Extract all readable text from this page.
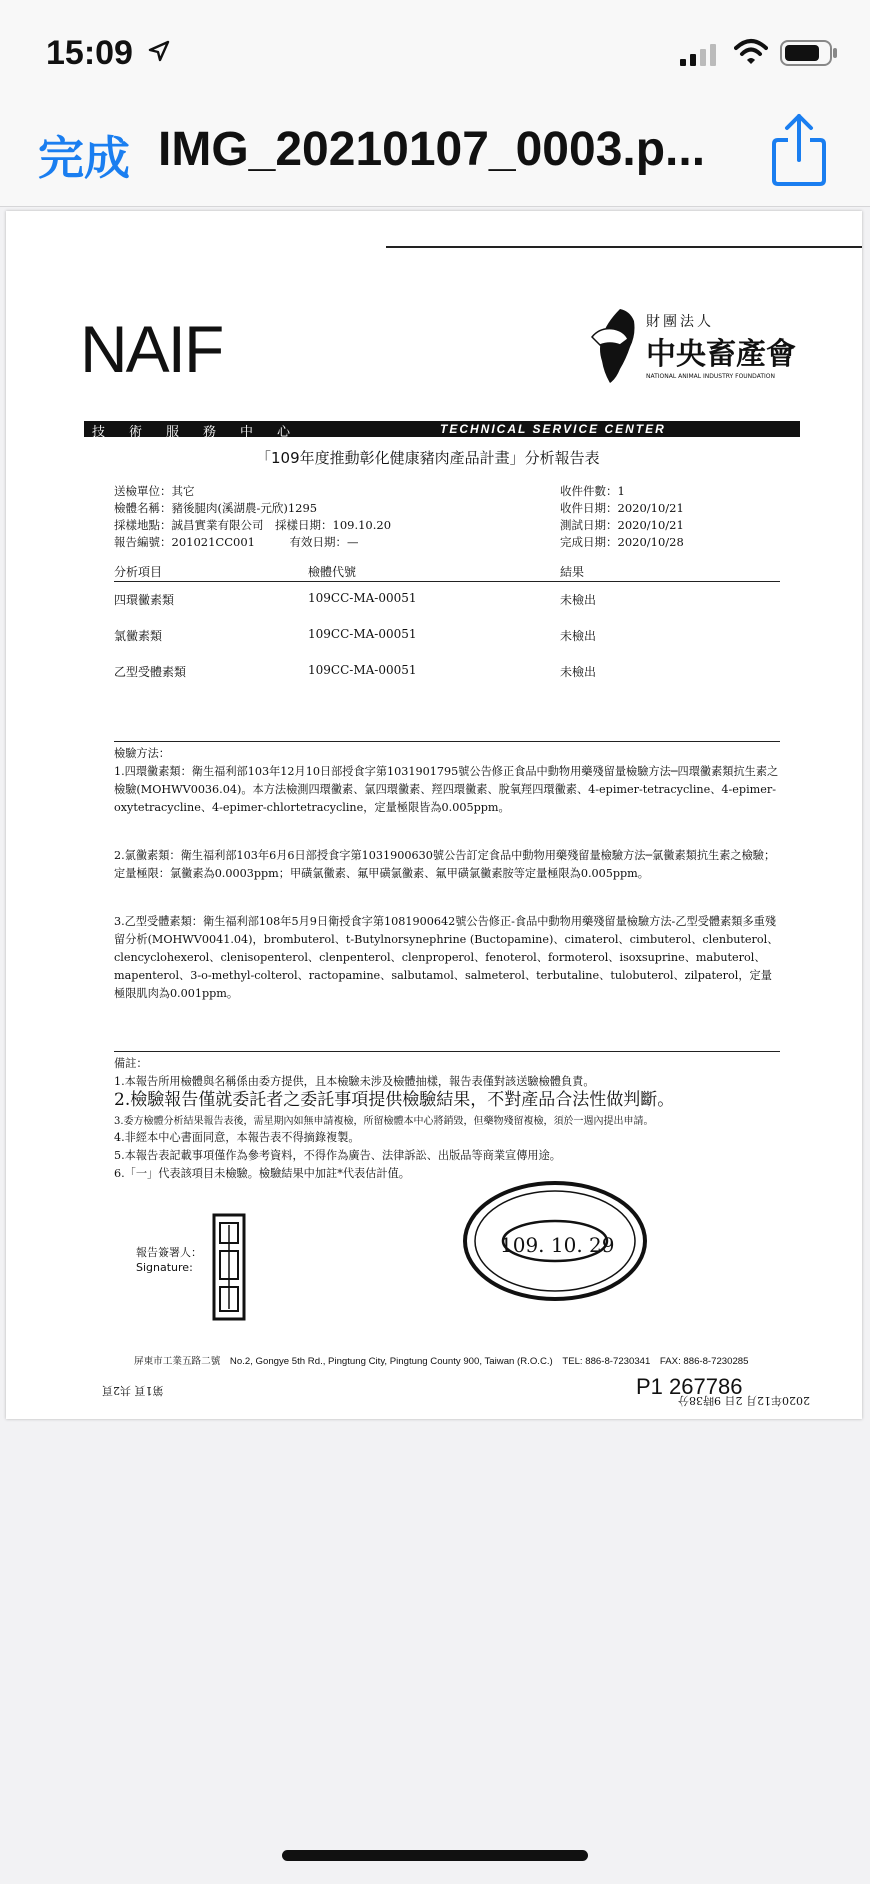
15:09
完成 IMG_20210107_0003.p...
NAIF	財團法人
中央畜產會
NATIONAL ANIMAL INDUSTRY FOUNDATION
技術服務中心	TECHNICAL SERVICE CENTER
「109年度推動彰化健康豬肉產品計畫」分析報告表
送檢單位：其它
檢體名稱：豬後腿肉(溪湖農-元欣)1295
採樣地點：誠昌實業有限公司　採樣日期：109.10.20
報告編號：201021CC001　　　有效日期：—
收件件數：1
收件日期：2020/10/21
測試日期：2020/10/21
完成日期：2020/10/28
分析項目	檢體代號	結果
四環黴素類	109CC-MA-00051	未檢出
氯黴素類	109CC-MA-00051	未檢出
乙型受體素類	109CC-MA-00051	未檢出
檢驗方法：
1.四環黴素類：衛生福利部103年12月10日部授食字第1031901795號公告修正食品中動物用藥殘留量檢驗方法─四環黴素類抗生素之檢驗(MOHWV0036.04)。本方法檢測四環黴素、氯四環黴素、羥四環黴素、脫氧羥四環黴素、4-epimer-tetracycline、4-epimer-oxytetracycline、4-epimer-chlortetracycline，定量極限皆為0.005ppm。
2.氯黴素類：衛生福利部103年6月6日部授食字第1031900630號公告訂定食品中動物用藥殘留量檢驗方法─氯黴素類抗生素之檢驗；定量極限：氯黴素為0.0003ppm；甲磺氯黴素、氟甲磺氯黴素、氟甲磺氯黴素胺等定量極限為0.005ppm。
3.乙型受體素類：衛生福利部108年5月9日衛授食字第1081900642號公告修正-食品中動物用藥殘留量檢驗方法-乙型受體素類多重殘留分析(MOHWV0041.04)，brombuterol、t-Butylnorsynephrine (Buctopamine)、cimaterol、cimbuterol、clenbuterol、clencyclohexerol、clenisopenterol、clenpenterol、clenproperol、fenoterol、formoterol、isoxsuprine、mabuterol、mapenterol、3-o-methyl-colterol、ractopamine、salbutamol、salmeterol、terbutaline、tulobuterol、zilpaterol，定量極限肌肉為0.001ppm。
備註：
1.本報告所用檢體與名稱係由委方提供，且本檢驗未涉及檢體抽樣，報告表僅對該送驗檢體負責。
2.檢驗報告僅就委託者之委託事項提供檢驗結果，不對產品合法性做判斷。
3.委方檢體分析結果報告表後，需星期內如無申請複檢，所留檢體本中心將銷毀，但藥物殘留複檢，須於一週內提出申請。
4.非經本中心書面同意，本報告表不得摘錄複製。
5.本報告表記載事項僅作為參考資料，不得作為廣告、法律訴訟、出版品等商業宣傳用途。
6.「一」代表該項目未檢驗。檢驗結果中加註*代表估計值。
報告簽署人：
Signature:
109. 10. 29
屏東市工業五路二號　No.2, Gongye 5th Rd., Pingtung City, Pingtung County 900, Taiwan (R.O.C.)　TEL: 886-8-7230341　FAX: 886-8-7230285
P1 267786
第1頁 共2頁
2020年12月 2日 9時38分
